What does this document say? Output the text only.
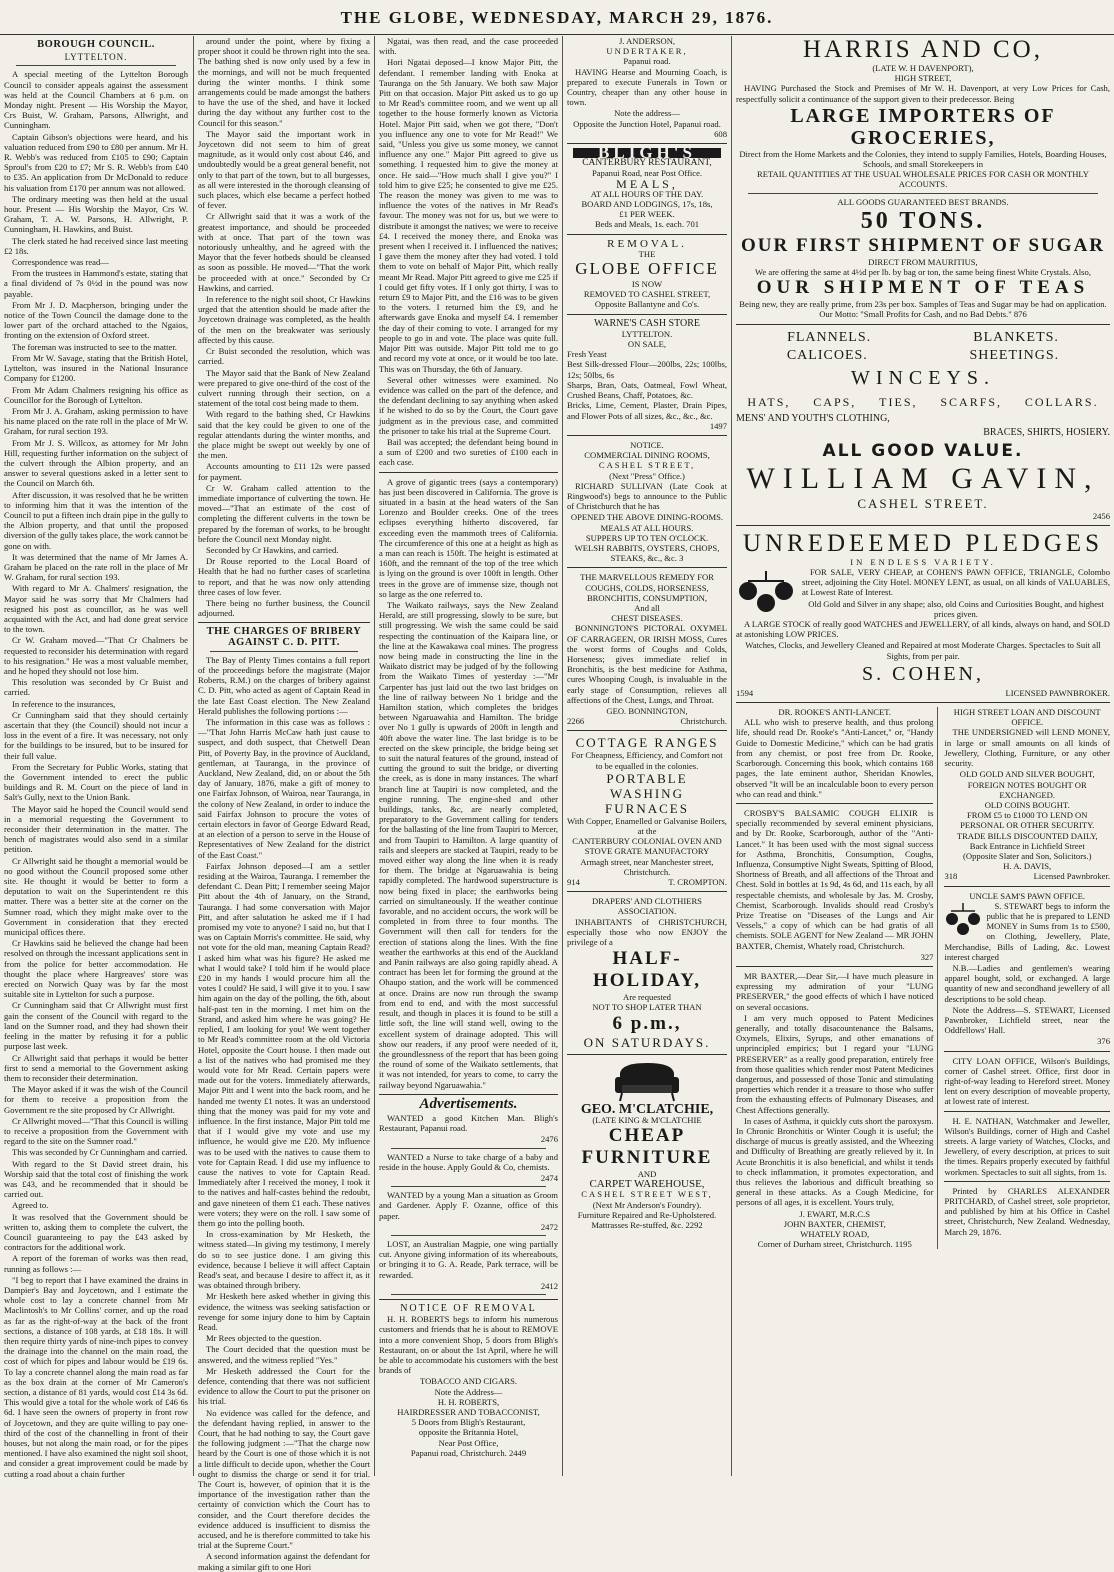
THE GLOBE, WEDNESDAY, MARCH 29, 1876.
BOROUGH COUNCIL.
LYTTELTON.

A special meeting of the Lyttelton Borough Council to consider appeals against the assessment was held at the Council Chambers at 6 p.m. on Monday night. Present — His Worship the Mayor, Crs Buist, W. Graham, Parsons, Allwright, and Cunningham.

Captain Gibson's objections were heard, and his valuation reduced from £90 to £80 per annum. Mr H. R. Webb's was reduced from £105 to £90; Captain Sproul's from £20 to £7; Mr S. R. Webb's from £40 to £35. An application from Dr McDonald to reduce his valuation from £170 per annum was not allowed.

The ordinary meeting was then held at the usual hour. Present — His Worship the Mayor, Crs W. Graham, T. A. W. Parsons, H. Allwright, P. Cunningham, H. Hawkins, and Buist.

The clerk stated he had received since last meeting £2 18s.

Correspondence was read—

From the trustees in Hammond's estate, stating that a final dividend of 7s 0½d in the pound was now payable.

From Mr J. D. Macpherson, bringing under the notice of the Town Council the damage done to the lower part of the orchard attached to the Ngaios, fronting on the extension of Oxford street.

The foreman was instructed to see to the matter.

From Mr W. Savage, stating that the British Hotel, Lyttelton, was insured in the National Insurance Company for £1200.

From Mr Adam Chalmers resigning his office as Councillor for the Borough of Lyttelton.

From Mr J. A. Graham, asking permission to have his name placed on the rate roll in the place of Mr W. Graham, for rural section 193.

From Mr J. S. Willcox, as attorney for Mr John Hill, requesting further information on the subject of the culvert through the Albion property, and an answer to several questions asked in a letter sent to the Council on March 6th.

After discussion, it was resolved that he be written to informing him that it was the intention of the Council to put a fifteen inch drain pipe in the gully to the Albion property, and that until the proposed diversion of the gully takes place, the work cannot be gone on with.

It was determined that the name of Mr James A. Graham be placed on the rate roll in the place of Mr W. Graham, for rural section 193.

With regard to Mr A. Chalmers' resignation, the Mayor said he was sorry that Mr Chalmers had resigned his post as councillor, as he was well acquainted with the Act, and had done great service to the town.

Cr W. Graham moved—"That Cr Chalmers be requested to reconsider his determination with regard to his resignation." He was a most valuable member, and he hoped they should not lose him.

This resolution was seconded by Cr Buist and carried.

In reference to the insurances,

Cr Cunningham said that they should certainly ascertain that they (the Council) should not incur a loss in the event of a fire. It was necessary, not only for the buildings to be insured, but to be insured for their full value.

From the Secretary for Public Works, stating that the Government intended to erect the public buildings and R. M. Court on the piece of land in Salt's Gully, next to the Union Bank.

The Mayor said he hoped the Council would send in a memorial requesting the Government to reconsider their determination in the matter. The bench of magistrates would also send in a similar petition.

Cr Allwright said he thought a memorial would be no good without the Council proposed some other site. He thought it would be better to form a deputation to wait on the Superintendent re this matter. There was a better site at the corner on the Sumner road, which they might make over to the Government in consideration that they erected municipal offices there.

Cr Hawkins said he believed the change had been resolved on through the incessant applications sent in from the police for better accommodation. He thought the place where Hargreaves' store was erected on Norwich Quay was by far the most suitable site in Lyttelton for such a purpose.

Cr Cunningham said that Cr Allwright must first gain the consent of the Council with regard to the land on the Sumner road, and they had shown their feeling in the matter by refusing it for a public purpose last week.

Cr Allwright said that perhaps it would be better first to send a memorial to the Government asking them to reconsider their determination.

The Mayor asked if it was the wish of the Council for them to receive a proposition from the Government re the site proposed by Cr Allwright.

Cr Allwright moved—"That this Council is willing to receive a proposition from the Government with regard to the site on the Sumner road."

This was seconded by Cr Cunningham and carried.

With regard to the St David street drain, his Worship said that the total cost of finishing the work was £43, and he recommended that it should be carried out.

Agreed to.

It was resolved that the Government should be written to, asking them to complete the culvert, the Council guaranteeing to pay the £43 asked by contractors for the additional work.

A report of the foreman of works was then read, running as follows :—

"I beg to report that I have examined the drains in Dampier's Bay and Joycetown, and I estimate the whole cost to lay a concrete channel from Mr Maclintosh's to Mr Collins' corner, and up the road as far as the right-of-way at the back of the front sections, a distance of 108 yards, at £18 18s. It will then require thirty yards of nine-inch pipes to convey the drainage into the channel on the main road, the cost of which for pipes and labour would be £19 6s. To lay a concrete channel along the main road as far as the box drain at the corner of Mr Cameron's section, a distance of 81 yards, would cost £14 3s 6d. This would give a total for the whole work of £46 6s 6d. I have seen the owners of property in front row of Joycetown, and they are quite willing to pay one-third of the cost of the channelling in front of their houses, but not along the main road, or for the pipes mentioned. I have also examined the night soil shoot, and consider a great improvement could be made by cutting a road about a chain further

around under the point, where by fixing a proper shoot it could be thrown right into the sea. The bathing shed is now only used by a few in the mornings, and will not be much frequented during the winter months. I think some arrangements could be made amongst the bathers to have the use of the shed, and have it locked during the day without any further cost to the Council for this season."

The Mayor said the important work in Joycetown did not seem to him of great magnitude, as it would only cost about £46, and undoubtedly would be a great general benefit, not only to that part of the town, but to all burgesses, as all were interested in the thorough cleansing of such places, which else became a perfect hotbed of fever.

Cr Allwright said that it was a work of the greatest importance, and should be proceeded with at once. That part of the town was notoriously unhealthy, and he agreed with the Mayor that the fever hotbeds should be cleansed as soon as possible. He moved—"That the work be proceeded with at once." Seconded by Cr Hawkins, and carried.

In reference to the night soil shoot, Cr Hawkins urged that the attention should be made after the Joycetown drainage was completed, as the health of the men on the breakwater was seriously affected by this cause.

Cr Buist seconded the resolution, which was carried.

The Mayor said that the Bank of New Zealand were prepared to give one-third of the cost of the culvert running through their section, on a statement of the total cost being made to them.

With regard to the bathing shed, Cr Hawkins said that the key could be given to one of the regular attendants during the winter months, and the place might be swept out weekly by one of the men.

Accounts amounting to £11 12s were passed for payment.

Cr W. Graham called attention to the immediate importance of culverting the town. He moved—"That an estimate of the cost of completing the different culverts in the town be prepared by the foreman of works, to be brought before the Council next Monday night.

Seconded by Cr Hawkins, and carried.

Dr Rouse reported to the Local Board of Health that he had no further cases of scarletina to report, and that he was now only attending three cases of low fever.

There being no further business, the Council adjourned.

THE CHARGES OF BRIBERY AGAINST C. D. PITT.

The Bay of Plenty Times contains a full report of the proceedings before the magistrate (Major Roberts, R.M.) on the charges of bribery against C. D. Pitt, who acted as agent of Captain Read in the late East Coast election. The New Zealand Herald publishes the following portions :—

The information in this case was as follows :—"That John Harris McCaw hath just cause to suspect, and doth suspect, that Chetwell Dean Pitt, of Poverty Bay, in the province of Auckland, gentleman, at Tauranga, in the province of Auckland, New Zealand, did, on or about the 5th day of January, 1876, make a gift of money to one Fairfax Johnson, of Wairoa, near Tauranga, in the colony of New Zealand, in order to induce the said Fairfax Johnson to procure the votes of certain electors in favor of George Edward Read, at an election of a person to serve in the House of Representatives of New Zealand for the district of the East Coast."

Fairfax Johnson deposed—I am a settler residing at the Wairoa, Tauranga. I remember the defendant C. Dean Pitt; I remember seeing Major Pitt about the 4th of January, on the Strand, Tauranga. I had some conversation with Major Pitt, and after salutation he asked me if I had promised my vote to anyone? I said no, but that I was on Captain Morris's committee. He said, why not vote for the old man, meaning Captain Read? I asked him what was his figure? He asked me what I would take? I told him if he would place £20 in my hands I would procure him all the votes I could? He said, I will give it to you. I saw him again on the day of the polling, the 6th, about half-past ten in the morning. I met him on the Strand, and asked him where he was going? He replied, I am looking for you! We went together to Mr Read's committee room at the old Victoria Hotel, opposite the Court house. I then made out a list of the natives who had promised me they would vote for Mr Read. Certain papers were made out for the voters. Immediately afterwards, Major Pitt and I went into the back room, and he handed me twenty £1 notes. It was an understood thing that the money was paid for my vote and influence. In the first instance, Major Pitt told me that if I would give my vote and use my influence, he would give me £20. My influence was to be used with the natives to cause them to vote for Captain Read. I did use my influence to cause the natives to vote for Captain Read. Immediately after I received the money, I took it to the natives and half-castes behind the redoubt, and gave nineteen of them £1 each. These natives were voters; they were on the roll. I saw some of them go into the polling booth.

In cross-examination by Mr Hesketh, the witness stated—In giving my testimony, I merely do so to see justice done. I am giving this evidence, because I believe it will affect Captain Read's seat, and because I desire to affect it, as it was obtained through bribery.

Mr Hesketh here asked whether in giving this evidence, the witness was seeking satisfaction or revenge for some injury done to him by Captain Read.

Mr Rees objected to the question.

The Court decided that the question must be answered, and the witness replied "Yes."

Mr Hesketh addressed the Court for the defence, contending that there was not sufficient evidence to allow the Court to put the prisoner on his trial.

No evidence was called for the defence, and the defendant having replied, in answer to the Court, that he had nothing to say, the Court gave the following judgment :—"That the charge now heard by the Court is one of those which it is not a little difficult to decide upon, whether the Court ought to dismiss the charge or send it for trial. The Court is, however, of opinion that it is the importance of the investigation rather than the certainty of conviction which the Court has to consider, and the Court therefore decides the evidence adduced is insufficient to dismiss the accused, and he is therefore committed to take his trial at the Supreme Court."

A second information against the defendant for making a similar gift to one Hori

Ngatai, was then read, and the case proceeded with.

Hori Ngatai deposed—I know Major Pitt, the defendant. I remember landing with Enoka at Tauranga on the 5th January. We both saw Major Pitt on that occasion. Major Pitt asked us to go up to Mr Read's committee room, and we went up all together to the house formerly known as Victoria Hotel. Major Pitt said, when we got there, "Don't you influence any one to vote for Mr Read!" We said, "Unless you give us some money, we cannot influence any one." Major Pitt agreed to give us something. I requested him to give the money at once. He said—"How much shall I give you?" I told him to give £25; he consented to give me £25. The reason the money was given to me was to influence the votes of the natives in Mr Read's favour. The money was not for us, but we were to distribute it amongst the natives; we were to receive £4. I received the money there, and Enoka was present when I received it. I influenced the natives; I gave them the money after they had voted. I told them to vote on behalf of Major Pitt, which really meant Mr Read. Major Pitt agreed to give me £25 if I could get fifty votes. If I only got thirty, I was to return £9 to Major Pitt, and the £16 was to be given to the voters. I returned him the £9, and he afterwards gave Enoka and myself £4. I remember the day of their coming to vote. I arranged for my people to go in and vote. The place was quite full. Major Pitt was outside. Major Pitt told me to go and record my vote at once, or it would be too late. This was on Thursday, the 6th of January.

Several other witnesses were examined. No evidence was called on the part of the defence, and the defendant declining to say anything when asked if he wished to do so by the Court, the Court gave judgment as in the previous case, and committed the prisoner to take his trial at the Supreme Court.

Bail was accepted; the defendant being bound in a sum of £200 and two sureties of £100 each in each case.

A grove of gigantic trees (says a contemporary) has just been discovered in California. The grove is situated in a basin at the head waters of the San Lorenzo and Boulder creeks. One of the trees eclipses everything hitherto discovered, far exceeding even the mammoth trees of California. The circumference of this one at a height as high as a man can reach is 150ft. The height is estimated at 160ft, and the remnant of the top of the tree which is lying on the ground is over 100ft in length. Other trees in the grove are of immense size, though not so large as the one referred to.

The Waikato railways, says the New Zealand Herald, are still progressing, slowly to be sure, but still progressing. We wish the same could be said respecting the continuation of the Kaipara line, or the line at the Kawakawa coal mines. The progress now being made in constructing the line in the Waikato district may be judged of by the following from the Waikato Times of yesterday :—"Mr Carpenter has just laid out the two last bridges on the line of railway between No 1 bridge and the Hamilton station, which completes the bridges between Ngaruawahia and Hamilton. The bridge over No 1 gully is upwards of 200ft in length and 40ft above the water line. The last bridge is to be erected on the skew principle, the bridge being set to suit the natural features of the ground, instead of cutting the ground to suit the bridge, or diverting the creek, as is done in many instances. The wharf branch line at Taupiri is now completed, and the engine running. The engine-shed and other buildings, tanks, &c, are nearly completed, preparatory to the Government calling for tenders for the ballasting of the line from Taupiri to Mercer, and from Taupiri to Hamilton. A large quantity of rails and sleepers are stacked at Taupiri, ready to be moved either way along the line when it is ready for them. The bridge at Ngaruawahia is being rapidly completed. The hardwood superstructure is now being fixed in place; the earthworks being carried on simultaneously. If the weather continue favorable, and no accident occurs, the work will be completed in from three to four months. The Government will then call for tenders for the erection of stations along the lines. With the fine weather the earthworks at this end of the Auckland and Panin railways are also going rapidly ahead. A contract has been let for forming the ground at the Ohaupo station, and the work will be commenced at once. Drains are now run through the swamp from end to end, and with the most successful result, and though in places it is found to be still a little soft, the line will stand well, owing to the excellent system of drainage adopted. This will show our readers, if any proof were needed of it, the groundlessness of the report that has been going the round of some of the Waikato settlements, that it was not intended, for years to come, to carry the railway beyond Ngaruawahia."

Advertisements.

WANTED a good Kitchen Man. Bligh's Restaurant, Papanui road.

2476

WANTED a Nurse to take charge of a baby and reside in the house. Apply Gould & Co, chemists.

2474

WANTED by a young Man a situation as Groom and Gardener. Apply F. Ozanne, office of this paper.

2472

LOST, an Australian Magpie, one wing partially cut. Anyone giving information of its whereabouts, or bringing it to G. A. Reade, Park terrace, will be rewarded.

2412
NOTICE OF REMOVAL

H. H. ROBERTS begs to inform his numerous customers and friends that he is about to REMOVE into a more convenient Shop, 5 doors from Bligh's Restaurant, on or about the 1st April, where he will be able to accommodate his customers with the best brands of

TOBACCO AND CIGARS.
Note the Address—
H. H. ROBERTS,
HAIRDRESSER AND TOBACCONIST,
5 Doors from Bligh's Restaurant,
opposite the Britannia Hotel,
Near Post Office,
Papanui road, Christchurch. 2449
J. ANDERSON,
UNDERTAKER,
Papanui road.

HAVING Hearse and Mourning Coach, is prepared to execute Funerals in Town or Country, cheaper than any other house in town.

Note the address—
Opposite the Junction Hotel, Papanui road.
608
BLIGH'S
CANTERBURY RESTAURANT,
Papanui Road, near Post Office.
MEALS,
AT ALL HOURS OF THE DAY.
BOARD AND LODGINGS, 17s, 18s,
£1 PER WEEK.
Beds and Meals, 1s. each. 701
REMOVAL.
THE
GLOBE OFFICE
IS NOW
REMOVED TO CASHEL STREET,
Opposite Ballantyne and Co's.
WARNE'S CASH STORE
LYTTELTON.
ON SALE,
Fresh Yeast
Best Silk-dressed Flour—200lbs, 22s; 100lbs, 12s; 50lbs, 6s
Sharps, Bran, Oats, Oatmeal, Fowl Wheat, Crushed Beans, Chaff, Potatoes, &c.
Bricks, Lime, Cement, Plaster, Drain Pipes, and Flower Pots of all sizes, &c., &c., &c.
1497
NOTICE.
COMMERCIAL DINING ROOMS,
CASHEL STREET,
(Next "Press" Office.)

RICHARD SULLIVAN (Late Cook at Ringwood's) begs to announce to the Public of Christchurch that he has

OPENED THE ABOVE DINING-ROOMS.
MEALS AT ALL HOURS.
SUPPERS UP TO TEN O'CLOCK.
WELSH RABBITS, OYSTERS, CHOPS,
STEAKS, &c., &c. 3
THE MARVELLOUS REMEDY FOR COUGHS, COLDS, HORSENESS,
BRONCHITIS, CONSUMPTION,
And all
CHEST DISEASES.

BONNINGTON'S PICTORAL OXYMEL OF CARRAGEEN, OR IRISH MOSS, Cures the worst forms of Coughs and Colds, Horseness; gives immediate relief in Bronchitis, is the best medicine for Asthma, cures Whooping Cough, is invaluable in the early stage of Consumption, relieves all affections of the Chest, Lungs, and Throat.

GEO. BONNINGTON,
2266	Christchurch.
COTTAGE RANGES
For Cheapness, Efficiency, and Comfort not to be equalled in the colonies.
PORTABLE WASHING FURNACES
With Copper, Enamelled or Galvanise Boilers, at the
CANTERBURY COLONIAL OVEN AND STOVE GRATE MANUFACTORY
Armagh street, near Manchester street, Christchurch.
914	T. CROMPTON.
DRAPERS' AND CLOTHIERS ASSOCIATION.

INHABITANTS of CHRISTCHURCH, especially those who now ENJOY the privilege of a

HALF-HOLIDAY,
Are requested
NOT TO SHOP LATER THAN
6 p.m.,
ON SATURDAYS.
GEO. M'CLATCHIE,
(LATE KING & M'CLATCHIE
CHEAP FURNITURE
AND
CARPET WAREHOUSE,
CASHEL STREET WEST,
(Next Mr Anderson's Foundry).
Furniture Repaired and Re-Upholstered.
Mattrasses Re-stuffed, &c. 2292
HARRIS AND CO,
(LATE W. H DAVENPORT),
HIGH STREET,

HAVING Purchased the Stock and Premises of Mr W. H. Davenport, at very Low Prices for Cash, respectfully solicit a continuance of the support given to their predecessor. Being

LARGE IMPORTERS OF GROCERIES,
Direct from the Home Markets and the Colonies, they intend to supply Families, Hotels, Boarding Houses, Schools, and small Storekeepers in
RETAIL QUANTITIES AT THE USUAL WHOLESALE PRICES FOR CASH OR MONTHLY ACCOUNTS.
ALL GOODS GUARANTEED BEST BRANDS.
50 TONS.
OUR FIRST SHIPMENT OF SUGAR
DIRECT FROM MAURITIUS,
We are offering the same at 4½d per lb. by bag or ton, the same being finest White Crystals. Also,
OUR SHIPMENT OF TEAS
Being new, they are really prime, from 23s per box. Samples of Teas and Sugar may be had on application.
Our Motto: "Small Profits for Cash, and no Bad Debts." 876
FLANNELS.	BLANKETS.
CALICOES.	SHEETINGS.
WINCEYS.
HATS, CAPS, TIES, SCARFS, COLLARS.
MENS' AND YOUTH'S CLOTHING,
BRACES, SHIRTS, HOSIERY.
ALL GOOD VALUE.
WILLIAM GAVIN,
CASHEL STREET.
2456
UNREDEEMED PLEDGES
IN ENDLESS VARIETY.

FOR SALE, VERY CHEAP, at COHEN'S PAWN OFFICE, TRIANGLE, Colombo street, adjoining the City Hotel. MONEY LENT, as usual, on all kinds of VALUABLES, at Lowest Rate of Interest.

Old Gold and Silver in any shape; also, old Coins and Curiosities Bought, and highest prices given.

A LARGE STOCK of really good WATCHES and JEWELLERY, of all kinds, always on hand, and SOLD at astonishing LOW PRICES.

Watches, Clocks, and Jewellery Cleaned and Repaired at most Moderate Charges. Spectacles to Suit all Sights, from per pair.
S. COHEN,
1594	LICENSED PAWNBROKER.
DR. ROOKE'S ANTI-LANCET.

ALL who wish to preserve health, and thus prolong life, should read Dr. Rooke's "Anti-Lancet," or, "Handy Guide to Domestic Medicine," which can be had gratis from any chemist, or post free from Dr. Rooke, Scarborough. Concerning this book, which contains 168 pages, the late eminent author, Sheridan Knowles, observed "It will be an incalculable boon to every person who can read and think."

CROSBY'S BALSAMIC COUGH ELIXIR is specially recommended by several eminent physicians, and by Dr. Rooke, Scarborough, author of the "Anti-Lancet." It has been used with the most signal success for Asthma, Bronchitis, Consumption, Coughs, Influenza, Consumptive Night Sweats, Spitting of Blood, Shortness of Breath, and all affections of the Throat and Chest. Sold in bottles at 1s 9d, 4s 6d, and 11s each, by all respectable chemists, and wholesale by Jas. M. Crosby, Chemist, Scarborough. Invalids should read Crosby's Prize Treatise on "Diseases of the Lungs and Air Vessels," a copy of which can be had gratis of all chemists. SOLE AGENT for New Zealand — MR JOHN BAXTER, Chemist, Whately road, Christchurch.

327

MR BAXTER,—Dear Sir,—I have much pleasure in expressing my admiration of your "LUNG PRESERVER," the good effects of which I have noticed on several occasions.

I am very much opposed to Patent Medicines generally, and totally disacountenance the Balsams, Oxymels, Elixirs, Syrups, and other emanations of unprincipled empirics; but I regard your "LUNG PRESERVER" as a really good preparation, entirely free from those qualities which render most Patent Medicines dangerous, and possessed of those Tonic and stimulating properties which render it a treasure to those who suffer from the exhausting effects of Pulmonary Diseases, and Chest Affections generally.

In cases of Asthma, it quickly cuts short the paroxysm. In Chronic Bronchitis or Winter Cough it is useful; the discharge of mucus is greatly assisted, and the Wheezing and Difficulty of Breathing are greatly relieved by it. In Acute Bronchitis it is also beneficial, and whilst it tends to check inflammation, it promotes expectoration, and thus relieves the laborious and difficult breathing so general in these attacks. As a Cough Medicine, for persons of all ages, it is excellent. Yours truly,

J. EWART, M.R.C.S
JOHN BAXTER, CHEMIST,
WHATELY ROAD,
Corner of Durham street, Christchurch. 1195
HIGH STREET LOAN AND DISCOUNT OFFICE.

THE UNDERSIGNED will LEND MONEY, in large or small amounts on all kinds of Jewellery, Clothing, Furniture, or any other security.

OLD GOLD AND SILVER BOUGHT, FOREIGN NOTES BOUGHT OR EXCHANGED.
OLD COINS BOUGHT.
FROM £5 to £1000 TO LEND ON PERSONAL OR OTHER SECURITY.
TRADE BILLS DISCOUNTED DAILY,
Back Entrance in Lichfield Street
(Opposite Slater and Son, Solicitors.)
H. A. DAVIS,
318	Licensed Pawnbroker.
UNCLE SAM'S PAWN OFFICE.

S. STEWART begs to inform the public that he is prepared to LEND MONEY in Sums from 1s to £500, on Clothing, Jewellery, Plate, Merchandise, Bills of Lading, &c. Lowest interest charged

N.B.—Ladies and gentlemen's wearing apparel bought, sold, or exchanged. A large quantity of new and secondhand jewellery of all descriptions to be sold cheap.

Note the Address—S. STEWART, Licensed Pawnbroker, Lichfield street, near the Oddfellows' Hall.

376

CITY LOAN OFFICE, Wilson's Buildings, corner of Cashel street. Office, first door in right-of-way leading to Hereford street. Money lent on every description of moveable property, at lowest rate of interest.

H. E. NATHAN, Watchmaker and Jeweller, Wilson's Buildings, corner of High and Cashel streets. A large variety of Watches, Clocks, and Jewellery, of every description, at prices to suit the times. Repairs properly executed by faithful workmen. Spectacles to suit all sights, from 1s.

Printed by CHARLES ALEXANDER PRITCHARD, of Cashel street, sole proprietor, and published by him at his Office in Cashel street, Christchurch, New Zealand. Wednesday, March 29, 1876.
